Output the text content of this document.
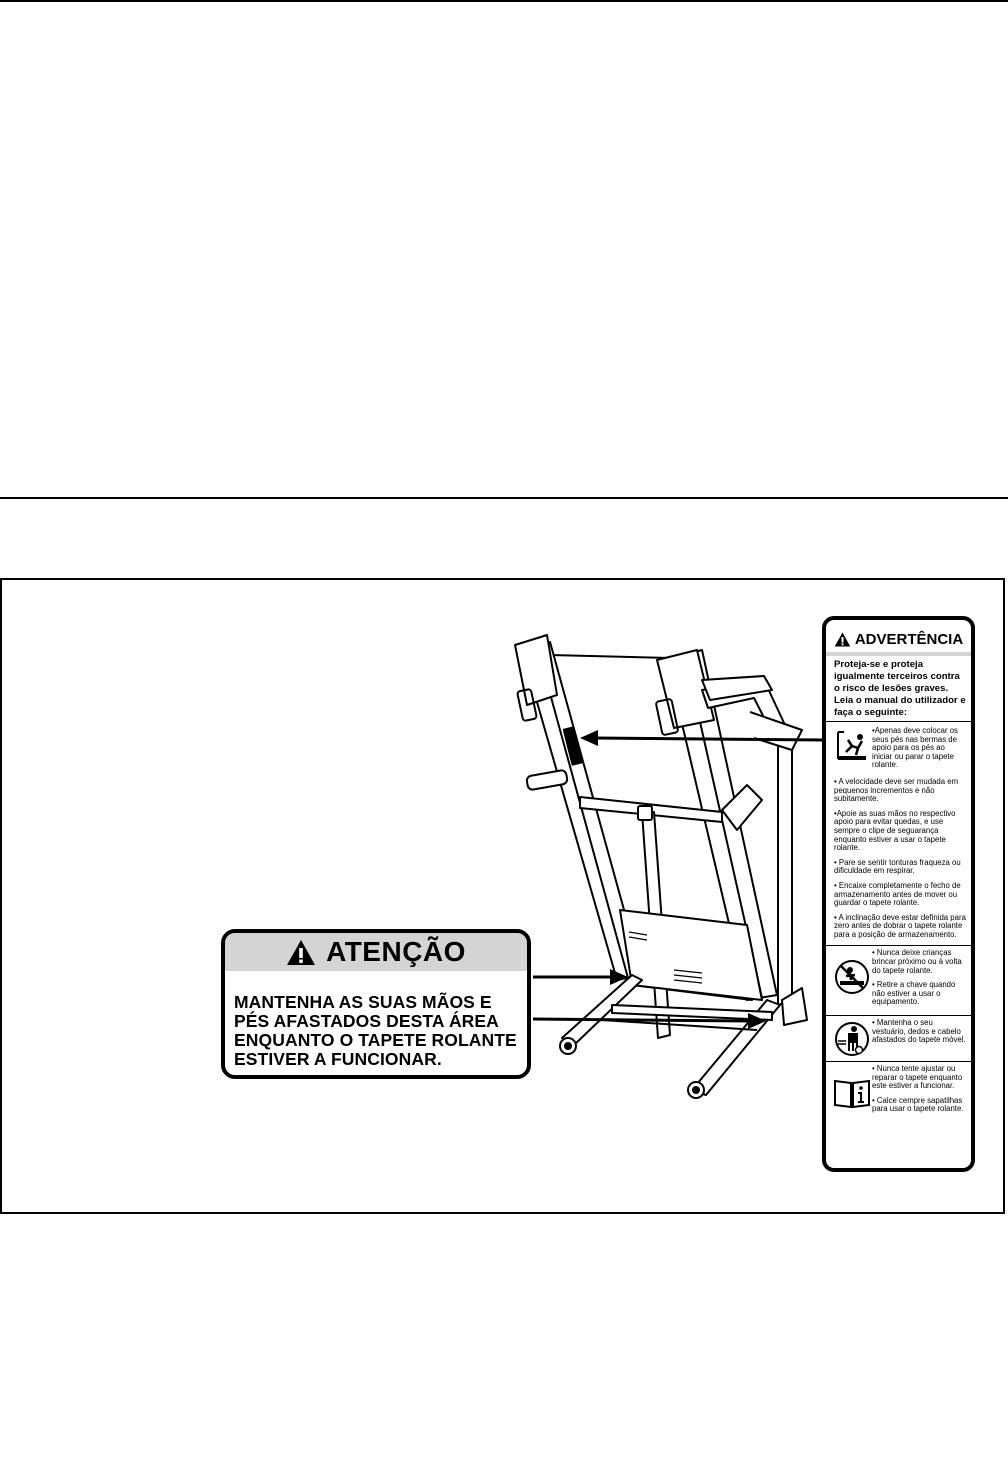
ATENÇÃO
MANTENHA AS SUAS MÃOS E
PÉS AFASTADOS DESTA ÁREA
ENQUANTO O TAPETE ROLANTE
ESTIVER A FUNCIONAR.
ADVERTÊNCIA
Proteja-se e proteja igualmente terceiros contra o risco de lesões graves. Leia o manual do utilizador e faça o seguinte:

•Apenas deve colocar os seus pés nas bermas de apoio para os pés ao iniciar ou parar o tapete rolante.

• A velocidade deve ser mudada em pequenos incrementos e não subitamente.

•Apoie as suas mãos no respectivo apoio para evitar quedas, e use sempre o clipe de seguarança enquanto estiver a usar o tapete rolante.

• Pare se sentir tonturas fraqueza ou dificuldade em respirar.

• Encaixe completamente o fecho de armazenamento antes de mover ou guardar o tapete rolante.

• A inclinação deve estar definida para zero antes de dobrar o tapete rolante para a posição de armazenamento.

• Nunca deixe crianças brincar próximo ou à volta do tapete rolante.

• Retire a chave quando não estiver a usar o equipamento.

• Mantenha o seu vestuário, dedos e cabelo afastados do tapete móvel.

• Nunca tente ajustar ou reparar o tapete enquanto este estiver a funcionar.

• Calce cempre sapatilhas para usar o tapete rolante.
